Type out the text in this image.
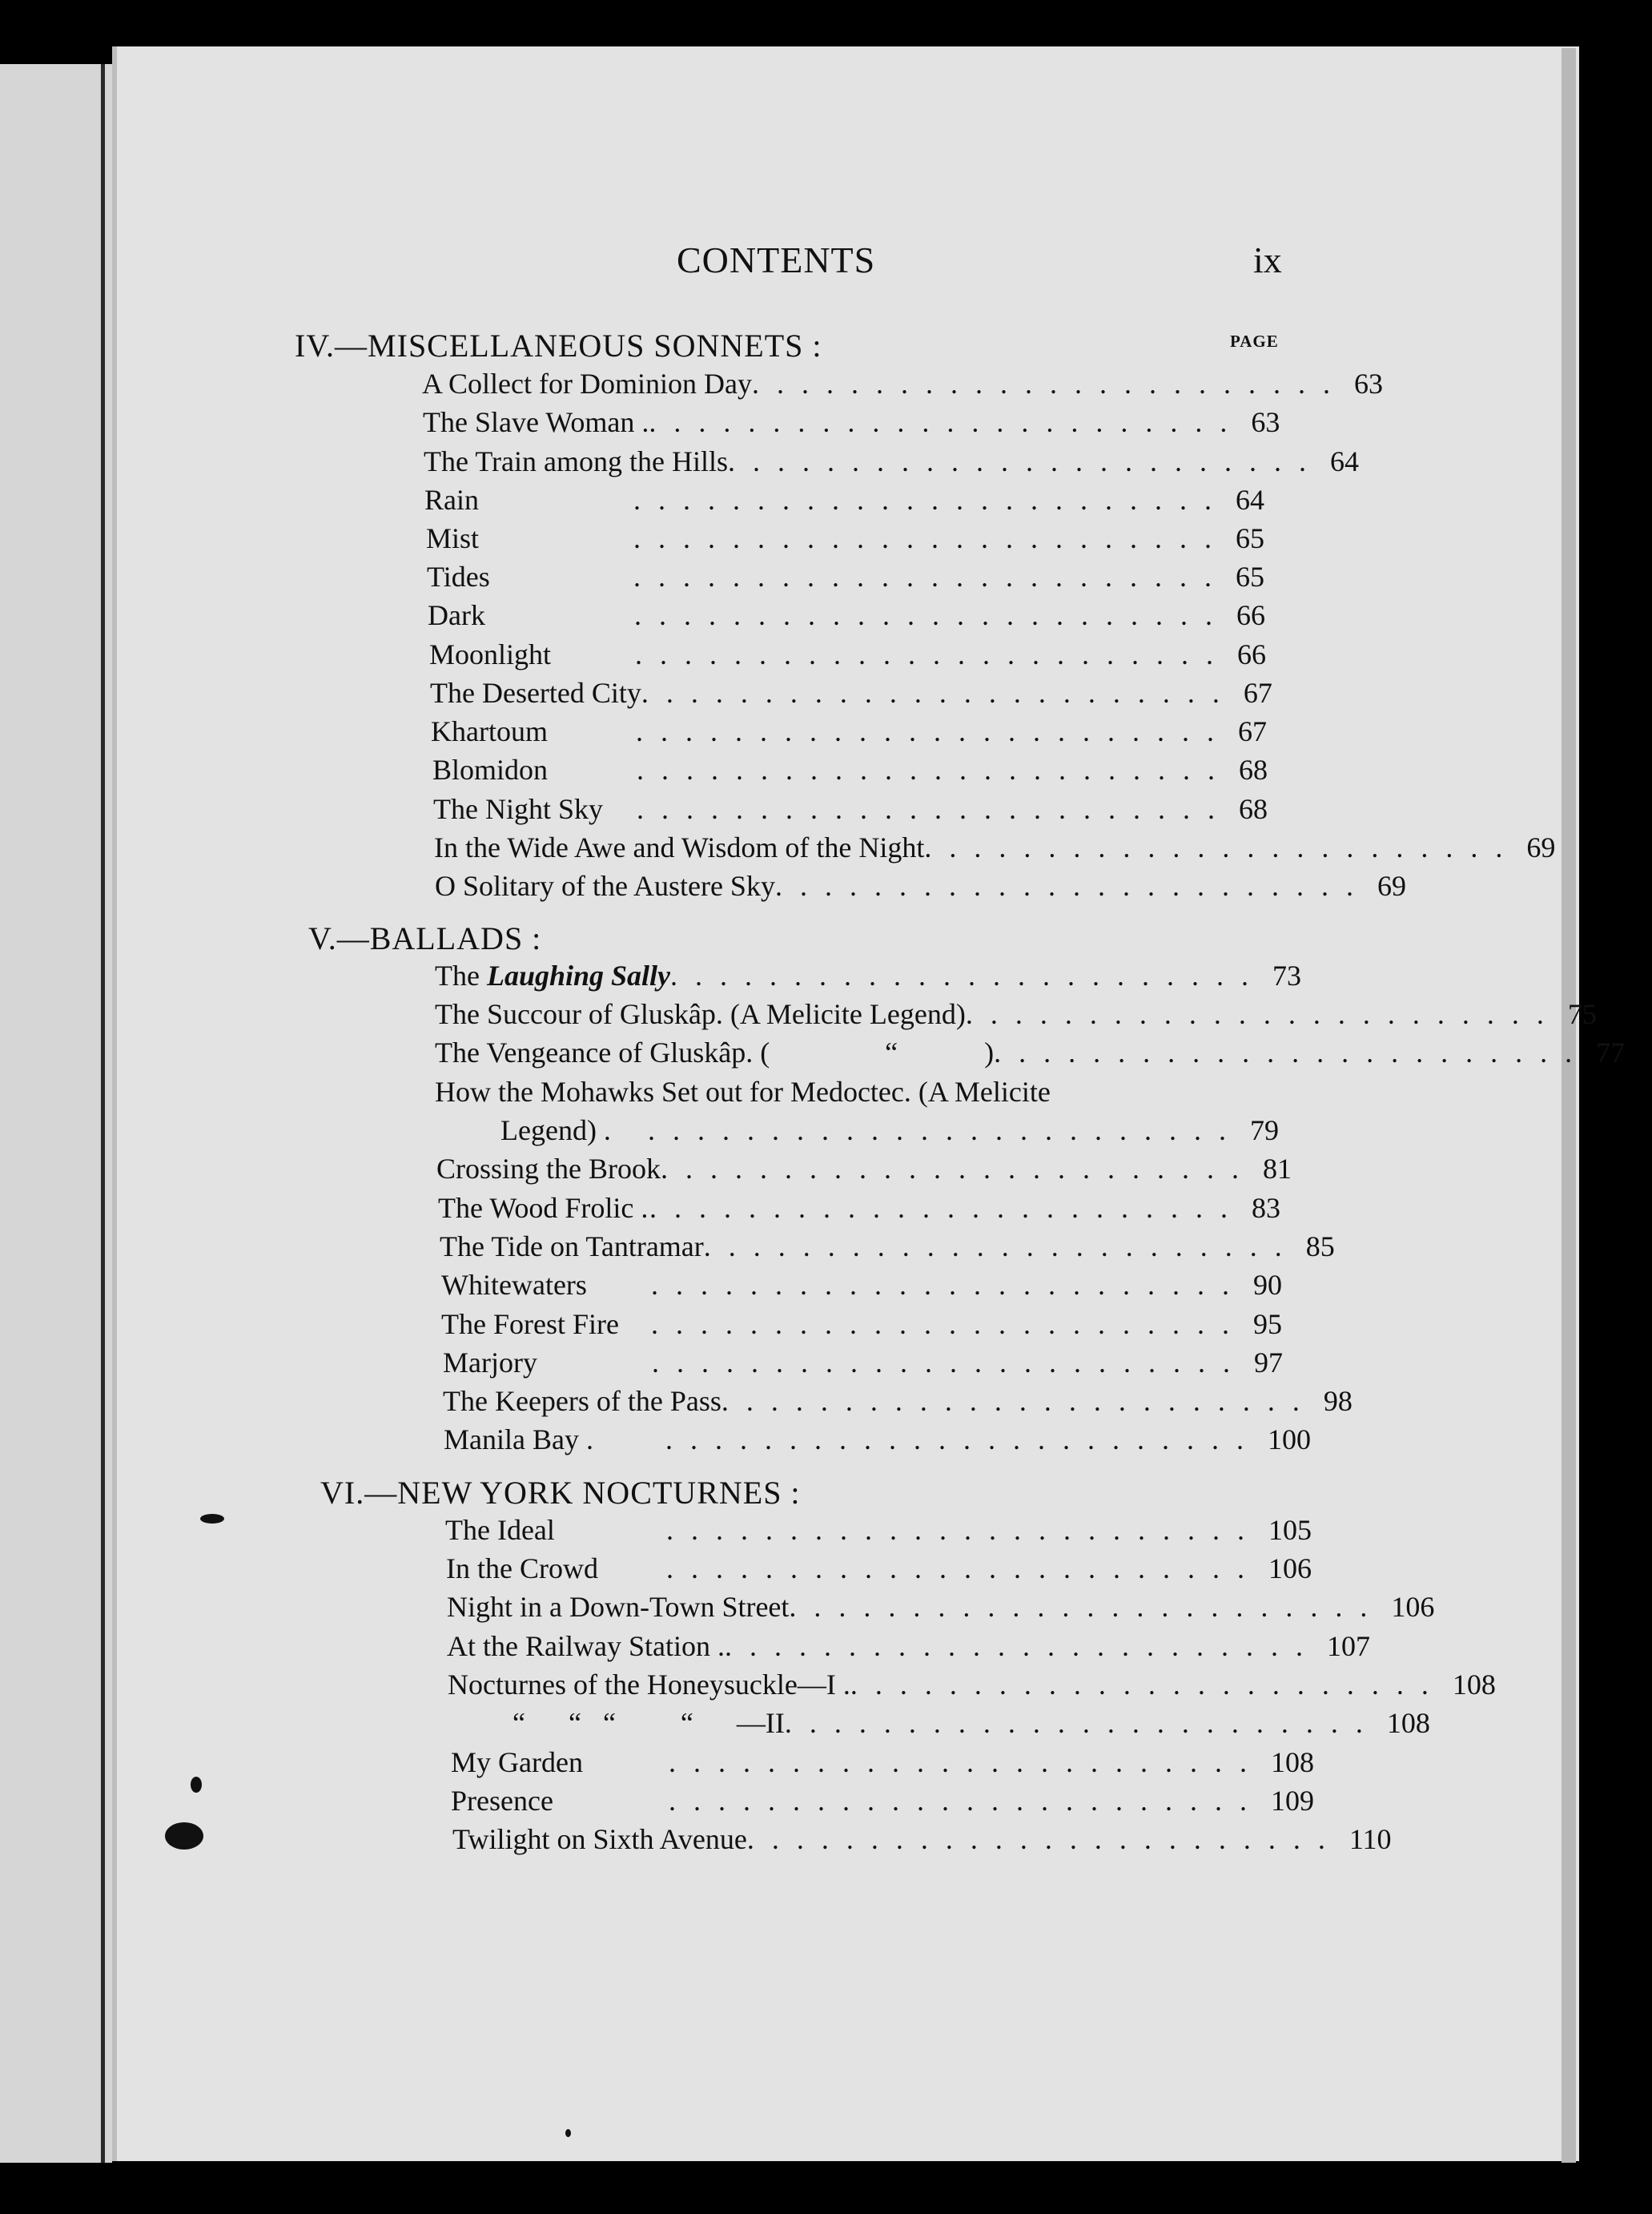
CONTENTS	ix
PAGE
IV.—MISCELLANEOUS SONNETS :
A Collect for Dominion Day ........................ 63
The Slave Woman . ........................ 63
The Train among the Hills ........................ 64
Rain	........................ 64
Mist	........................ 65
Tides	........................ 65
Dark	........................ 66
Moonlight	........................ 66
The Deserted City ........................ 67
Khartoum	........................ 67
Blomidon	........................ 68
The Night Sky	........................ 68
In the Wide Awe and Wisdom of the Night ........................ 69
O Solitary of the Austere Sky ........................ 69
V.—BALLADS :
The Laughing Sally ........................ 73
The Succour of Gluskâp. (A Melicite Legend) ........................ 75
The Vengeance of Gluskâp. (                “            ) ........................ 77
How the Mohawks Set out for Medoctec. (A Melicite
Legend) .	........................ 79
Crossing the Brook ........................ 81
The Wood Frolic . ........................ 83
The Tide on Tantramar ........................ 85
Whitewaters	........................ 90
The Forest Fire	........................ 95
Marjory	........................ 97
The Keepers of the Pass ........................ 98
Manila Bay .	........................ 100
VI.—NEW YORK NOCTURNES :
The Ideal	........................ 105
In the Crowd	........................ 106
Night in a Down-Town Street ........................ 106
At the Railway Station . ........................ 107
Nocturnes of the Honeysuckle—I . ........................ 108
“      “   “         “      —II ........................ 108
My Garden	........................ 108
Presence	........................ 109
Twilight on Sixth Avenue ........................ 110
